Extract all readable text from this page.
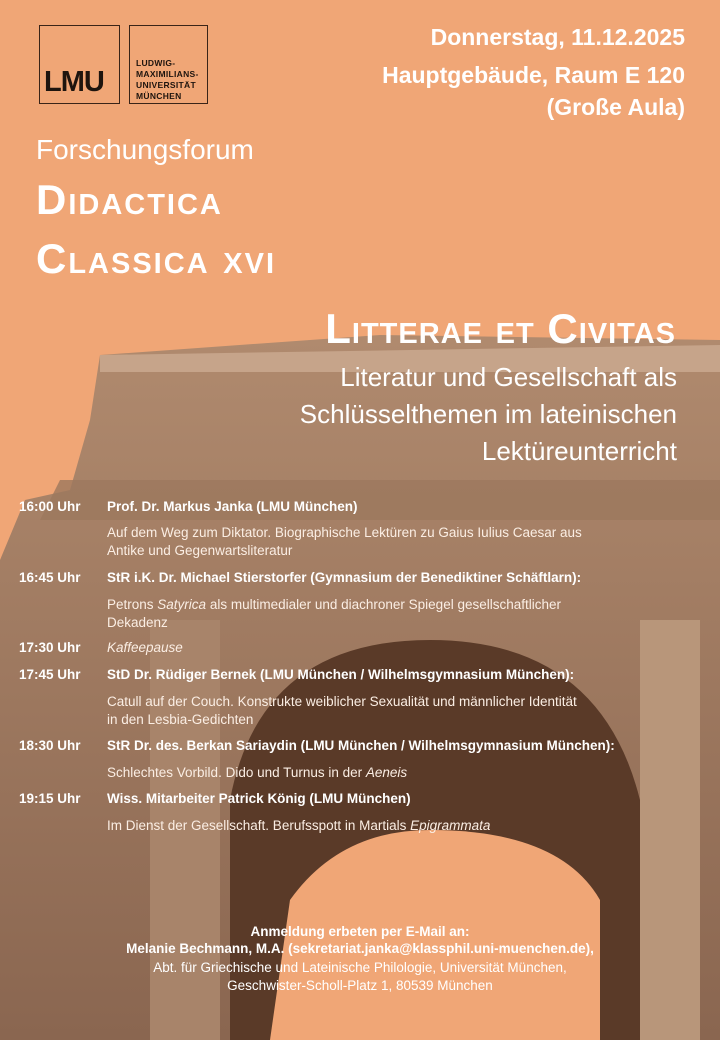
LMU
LUDWIG-
MAXIMILIANS-
UNIVERSITÄT
MÜNCHEN
Donnerstag, 11.12.2025
Hauptgebäude, Raum E 120
(Große Aula)
Forschungsforum
Didactica
Classica xvi
Litterae et Civitas
Literatur und Gesellschaft als
Schlüsselthemen im lateinischen
Lektüreunterricht
16:00 Uhr Prof. Dr. Markus Janka (LMU München)
Auf dem Weg zum Diktator. Biographische Lektüren zu Gaius Iulius Caesar aus
Antike und Gegenwartsliteratur
16:45 Uhr StR i.K. Dr. Michael Stierstorfer (Gymnasium der Benediktiner Schäftlarn):
Petrons Satyrica als multimedialer und diachroner Spiegel gesellschaftlicher
Dekadenz
17:30 Uhr Kaffeepause
17:45 Uhr StD Dr. Rüdiger Bernek (LMU München / Wilhelmsgymnasium München):
Catull auf der Couch. Konstrukte weiblicher Sexualität und männlicher Identität
in den Lesbia-Gedichten
18:30 Uhr StR Dr. des. Berkan Sariaydin (LMU München / Wilhelmsgymnasium München):
Schlechtes Vorbild. Dido und Turnus in der Aeneis
19:15 Uhr Wiss. Mitarbeiter Patrick König (LMU München)
Im Dienst der Gesellschaft. Berufsspott in Martials Epigrammata
Anmeldung erbeten per E-Mail an:
Melanie Bechmann, M.A. (sekretariat.janka@klassphil.uni-muenchen.de),
Abt. für Griechische und Lateinische Philologie, Universität München,
Geschwister-Scholl-Platz 1, 80539 München
